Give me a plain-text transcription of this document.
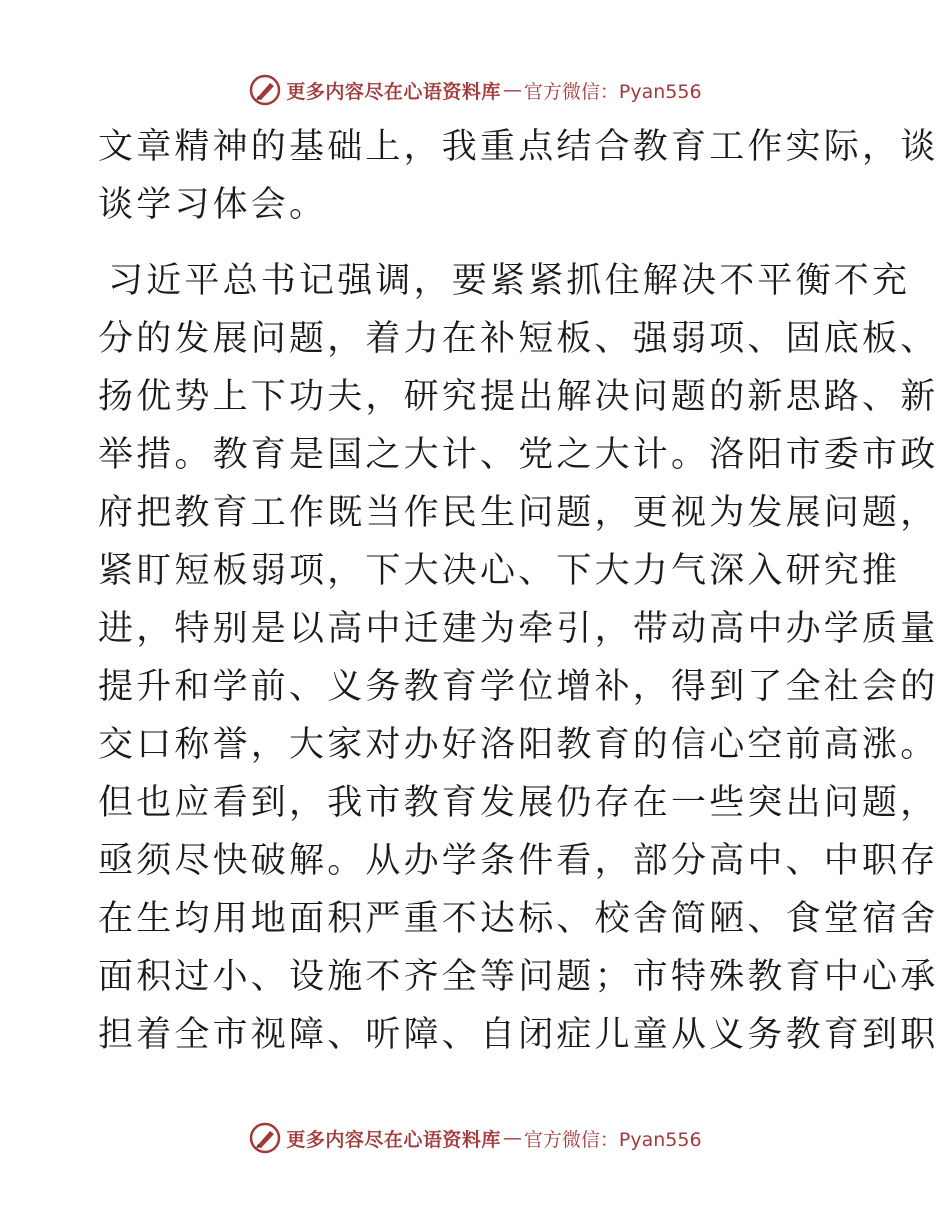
更多内容尽在心语资料库 — 官方微信：Pyan556
文章精神的基础上，我重点结合教育工作实际，谈
谈学习体会。
习近平总书记强调，要紧紧抓住解决不平衡不充
分的发展问题，着力在补短板、强弱项、固底板、
扬优势上下功夫，研究提出解决问题的新思路、新
举措。教育是国之大计、党之大计。洛阳市委市政
府把教育工作既当作民生问题，更视为发展问题，
紧盯短板弱项，下大决心、下大力气深入研究推
进，特别是以高中迁建为牵引，带动高中办学质量
提升和学前、义务教育学位增补，得到了全社会的
交口称誉，大家对办好洛阳教育的信心空前高涨。
但也应看到，我市教育发展仍存在一些突出问题，
亟须尽快破解。从办学条件看，部分高中、中职存
在生均用地面积严重不达标、校舍简陋、食堂宿舍
面积过小、设施不齐全等问题；市特殊教育中心承
担着全市视障、听障、自闭症儿童从义务教育到职
更多内容尽在心语资料库 — 官方微信：Pyan556
